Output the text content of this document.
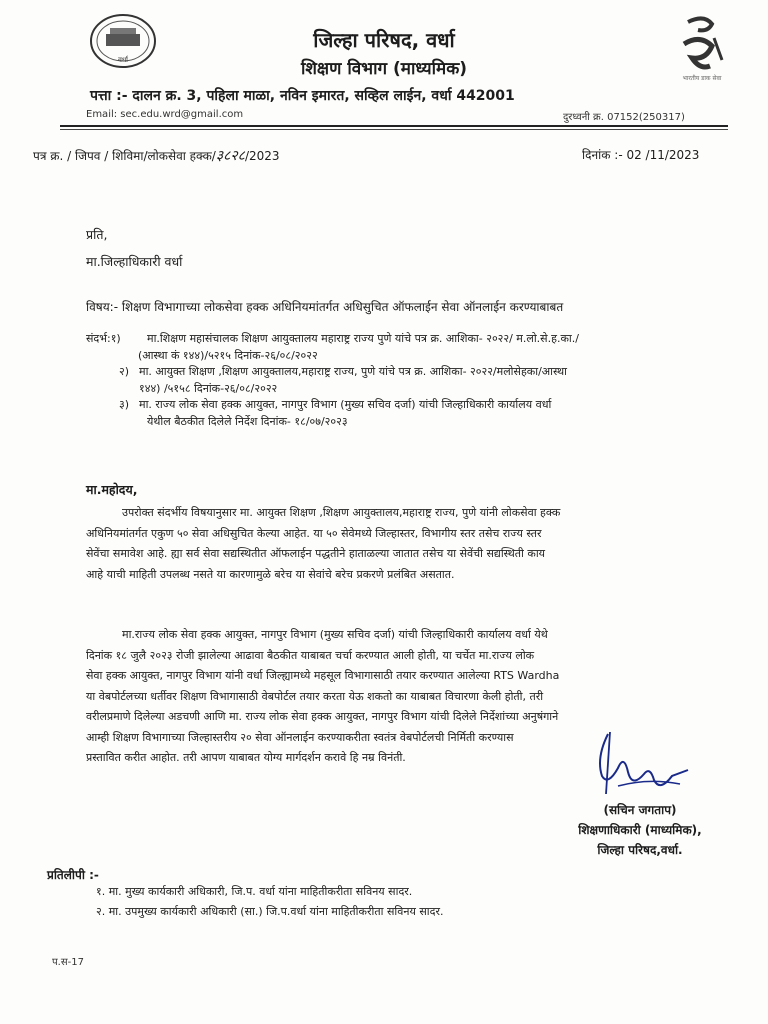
वर्धा
भारतीय डाक सेवा
जिल्हा परिषद, वर्धा
शिक्षण विभाग (माध्यमिक)
पत्ता :- दालन क्र. 3, पहिला माळा, नविन इमारत, सव्हिल लाईन, वर्धा 442001
Email: sec.edu.wrd@gmail.com	दुरध्वनी क्र. 07152(250317)
पत्र क्र. / जिपव / शिविमा/लोकसेवा हक्क/३८२८/2023	दिनांक :- 02 /11/2023
प्रति,
मा.जिल्हाधिकारी वर्धा
विषय:- शिक्षण विभागाच्या लोकसेवा हक्क अधिनियमांतर्गत अधिसुचित ऑफलाईन सेवा ऑनलाईन करण्याबाबत
संदर्भ:१)	मा.शिक्षण महासंचालक शिक्षण आयुक्तालय महाराष्ट्र राज्य पुणे यांचे पत्र क्र. आशिका- २०२२/ म.लो.से.ह.का./
(आस्था कं १४४)/५२१५ दिनांक-२६/०८/२०२२
२) मा. आयुक्त शिक्षण ,शिक्षण आयुक्तालय,महाराष्ट्र राज्य, पुणे यांचे पत्र क्र. आशिका- २०२२/मलोसेहका/आस्था
१४४) /५१५८ दिनांक-२६/०८/२०२२
३) मा. राज्य लोक सेवा हक्क आयुक्त, नागपुर विभाग (मुख्य सचिव दर्जा) यांची जिल्हाधिकारी कार्यालय वर्धा
येथील बैठकीत दिलेले निर्देश दिनांक- १८/०७/२०२३
मा.महोदय,
उपरोक्त संदर्भीय विषयानुसार मा. आयुक्त शिक्षण ,शिक्षण आयुक्तालय,महाराष्ट्र राज्य, पुणे यांनी लोकसेवा हक्क
अधिनियमांतर्गत एकुण ५० सेवा अधिसुचित केल्या आहेत. या ५० सेवेमध्ये जिल्हास्तर, विभागीय स्तर तसेच राज्य स्तर
सेवेंचा समावेश आहे. ह्या सर्व सेवा सद्यस्थितीत ऑफलाईन पद्धतीने हाताळल्या जातात तसेच या सेवेंची सद्यस्थिती काय
आहे याची माहिती उपलब्ध नसते या कारणामुळे बरेच या सेवांचे बरेच प्रकरणे प्रलंबित असतात.
मा.राज्य लोक सेवा हक्क आयुक्त, नागपुर विभाग (मुख्य सचिव दर्जा) यांची जिल्हाधिकारी कार्यालय वर्धा येथे
दिनांक १८ जुलै २०२३ रोजी झालेल्या आढावा बैठकीत याबाबत चर्चा करण्यात आली होती, या चर्चेत मा.राज्य लोक
सेवा हक्क आयुक्त, नागपुर विभाग यांनी वर्धा जिल्ह्यामध्ये महसूल विभागासाठी तयार करण्यात आलेल्या RTS Wardha
या वेबपोर्टलच्या धर्तीवर शिक्षण विभागासाठी वेबपोर्टल तयार करता येऊ शकतो का याबाबत विचारणा केली होती, तरी
वरीलप्रमाणे दिलेल्या अडचणी आणि मा. राज्य लोक सेवा हक्क आयुक्त, नागपुर विभाग यांची दिलेले निर्देशांच्या अनुषंगाने
आम्ही शिक्षण विभागाच्या जिल्हास्तरीय २० सेवा ऑनलाईन करण्याकरीता स्वतंत्र वेबपोर्टलची निर्मिती करण्यास
प्रस्तावित करीत आहोत. तरी आपण याबाबत योग्य मार्गदर्शन करावे हि नम्र विनंती.
(सचिन जगताप)
शिक्षणाधिकारी (माध्यमिक),
जिल्हा परिषद,वर्धा.
प्रतिलीपी :-
१. मा. मुख्य कार्यकारी अधिकारी, जि.प. वर्धा यांना माहितीकरीता सविनय सादर.
२. मा. उपमुख्य कार्यकारी अधिकारी (सा.) जि.प.वर्धा यांना माहितीकरीता सविनय सादर.
प.स-17
